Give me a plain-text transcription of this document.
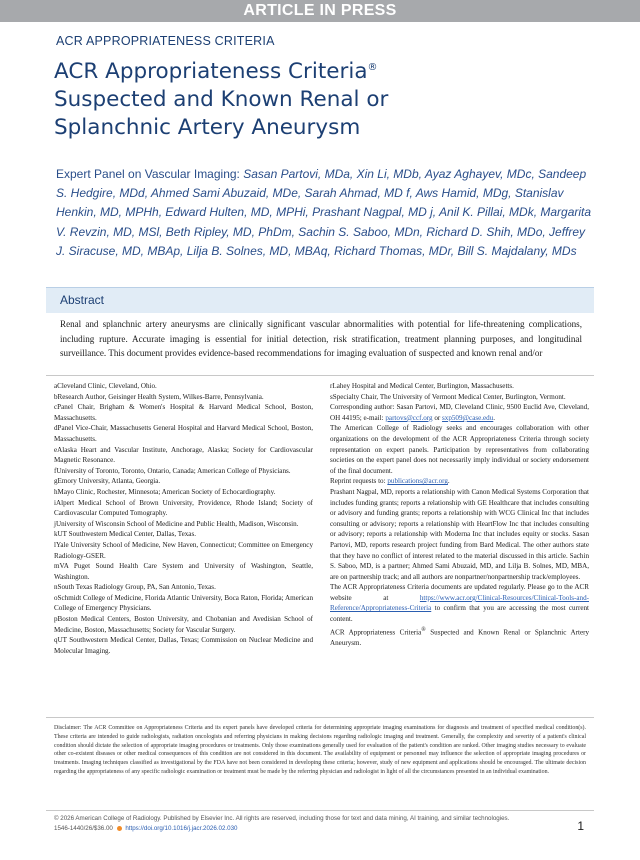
ARTICLE IN PRESS
ACR APPROPRIATENESS CRITERIA
ACR Appropriateness Criteria®
Suspected and Known Renal or
Splanchnic Artery Aneurysm
Expert Panel on Vascular Imaging: Sasan Partovi, MDa, Xin Li, MDb, Ayaz Aghayev, MDc, Sandeep S. Hedgire, MDd, Ahmed Sami Abuzaid, MDe, Sarah Ahmad, MD f, Aws Hamid, MDg, Stanislav Henkin, MD, MPHh, Edward Hulten, MD, MPHi, Prashant Nagpal, MD j, Anil K. Pillai, MDk, Margarita V. Revzin, MD, MSl, Beth Ripley, MD, PhDm, Sachin S. Saboo, MDn, Richard D. Shih, MDo, Jeffrey J. Siracuse, MD, MBAp, Lilja B. Solnes, MD, MBAq, Richard Thomas, MDr, Bill S. Majdalany, MDs
Abstract
Renal and splanchnic artery aneurysms are clinically significant vascular abnormalities with potential for life-threatening complications, including rupture. Accurate imaging is essential for initial detection, risk stratification, treatment planning purposes, and longitudinal surveillance. This document provides evidence-based recommendations for imaging evaluation of suspected and known renal and/or

aCleveland Clinic, Cleveland, Ohio.

bResearch Author, Geisinger Health System, Wilkes-Barre, Pennsylvania.

cPanel Chair, Brigham & Women's Hospital & Harvard Medical School, Boston, Massachusetts.

dPanel Vice-Chair, Massachusetts General Hospital and Harvard Medical School, Boston, Massachusetts.

eAlaska Heart and Vascular Institute, Anchorage, Alaska; Society for Cardiovascular Magnetic Resonance.

fUniversity of Toronto, Toronto, Ontario, Canada; American College of Physicians.

gEmory University, Atlanta, Georgia.

hMayo Clinic, Rochester, Minnesota; American Society of Echocardiography.

iAlpert Medical School of Brown University, Providence, Rhode Island; Society of Cardiovascular Computed Tomography.

jUniversity of Wisconsin School of Medicine and Public Health, Madison, Wisconsin.

kUT Southwestern Medical Center, Dallas, Texas.

lYale University School of Medicine, New Haven, Connecticut; Committee on Emergency Radiology-GSER.

mVA Puget Sound Health Care System and University of Washington, Seattle, Washington.

nSouth Texas Radiology Group, PA, San Antonio, Texas.

oSchmidt College of Medicine, Florida Atlantic University, Boca Raton, Florida; American College of Emergency Physicians.

pBoston Medical Centers, Boston University, and Chobanian and Avedisian School of Medicine, Boston, Massachusetts; Society for Vascular Surgery.

qUT Southwestern Medical Center, Dallas, Texas; Commission on Nuclear Medicine and Molecular Imaging.

rLahey Hospital and Medical Center, Burlington, Massachusetts.

sSpecialty Chair, The University of Vermont Medical Center, Burlington, Vermont.

Corresponding author: Sasan Partovi, MD, Cleveland Clinic, 9500 Euclid Ave, Cleveland, OH 44195; e-mail: partovs@ccf.org or sxp509@case.edu.

The American College of Radiology seeks and encourages collaboration with other organizations on the development of the ACR Appropriateness Criteria through society representation on expert panels. Participation by representatives from collaborating societies on the expert panel does not necessarily imply individual or society endorsement of the final document.

Reprint requests to: publications@acr.org.

Prashant Nagpal, MD, reports a relationship with Canon Medical Systems Corporation that includes funding grants; reports a relationship with GE Healthcare that includes consulting or advisory and funding grants; reports a relationship with WCG Clinical Inc that includes consulting or advisory; reports a relationship with HeartFlow Inc that includes consulting or advisory; reports a relationship with Moderna Inc that includes equity or stocks. Sasan Partovi, MD, reports research project funding from Bard Medical. The other authors state that they have no conflict of interest related to the material discussed in this article. Sachin S. Saboo, MD, is a partner; Ahmed Sami Abuzaid, MD, and Lilja B. Solnes, MD, MBA, are on partnership track; and all authors are nonpartner/nonpartnership track/employees.

The ACR Appropriateness Criteria documents are updated regularly. Please go to the ACR website at https://www.acr.org/Clinical-Resources/Clinical-Tools-and-Reference/Appropriateness-Criteria to confirm that you are accessing the most current content.

ACR Appropriateness Criteria® Suspected and Known Renal or Splanchnic Artery Aneurysm.

Disclaimer: The ACR Committee on Appropriateness Criteria and its expert panels have developed criteria for determining appropriate imaging examinations for diagnosis and treatment of specified medical condition(s). These criteria are intended to guide radiologists, radiation oncologists and referring physicians in making decisions regarding radiologic imaging and treatment. Generally, the complexity and severity of a patient's clinical condition should dictate the selection of appropriate imaging procedures or treatments. Only those examinations generally used for evaluation of the patient's condition are ranked. Other imaging studies necessary to evaluate other co-existent diseases or other medical consequences of this condition are not considered in this document. The availability of equipment or personnel may influence the selection of appropriate imaging procedures or treatments. Imaging techniques classified as investigational by the FDA have not been considered in developing these criteria; however, study of new equipment and applications should be encouraged. The ultimate decision regarding the appropriateness of any specific radiologic examination or treatment must be made by the referring physician and radiologist in light of all the circumstances presented in an individual examination.
© 2026 American College of Radiology. Published by Elsevier Inc. All rights are reserved, including those for text and data mining, AI training, and similar technologies.
1546-1440/26/$36.00 https://doi.org/10.1016/j.jacr.2026.02.030	1
